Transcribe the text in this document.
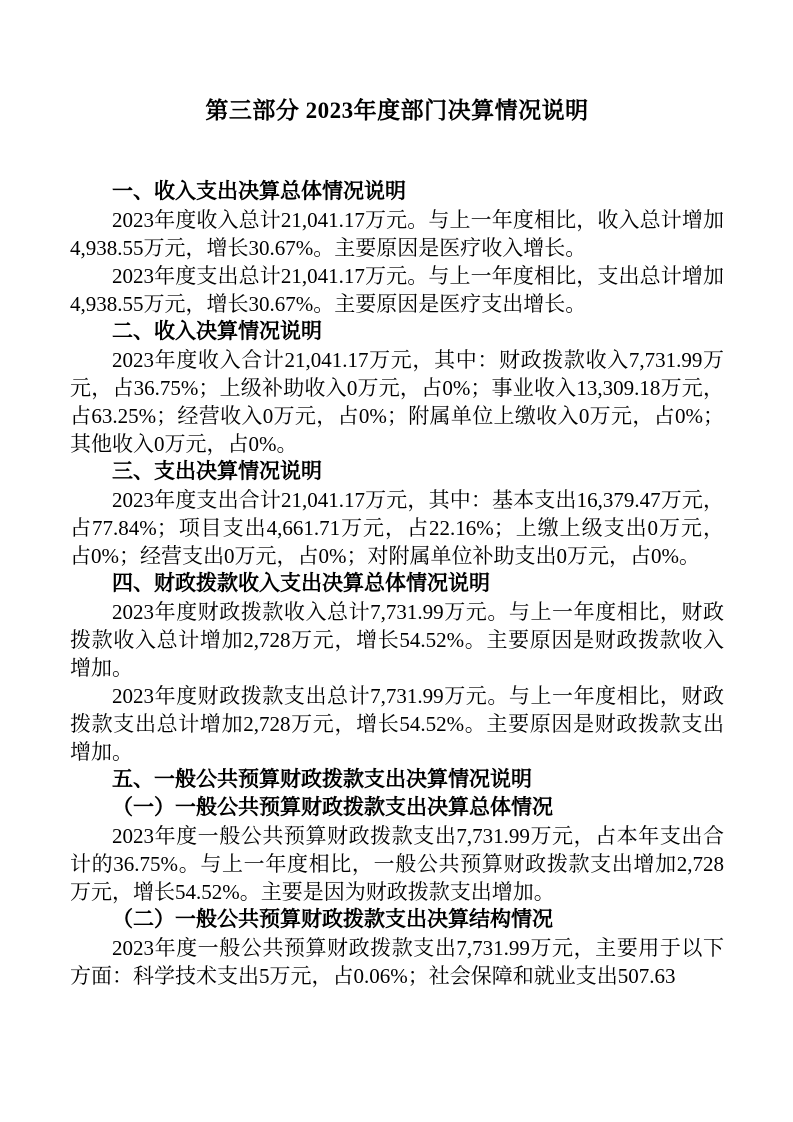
第三部分 2023年度部门决算情况说明
一、收入支出决算总体情况说明
2023年度收入总计21,041.17万元。与上一年度相比，收入总计增加4,938.55万元，增长30.67%。主要原因是医疗收入增长。
2023年度支出总计21,041.17万元。与上一年度相比，支出总计增加4,938.55万元，增长30.67%。主要原因是医疗支出增长。
二、收入决算情况说明
2023年度收入合计21,041.17万元，其中：财政拨款收入7,731.99万元，占36.75%；上级补助收入0万元，占0%；事业收入13,309.18万元，占63.25%；经营收入0万元，占0%；附属单位上缴收入0万元，占0%；其他收入0万元，占0%。
三、支出决算情况说明
2023年度支出合计21,041.17万元，其中：基本支出16,379.47万元，占77.84%；项目支出4,661.71万元，占22.16%；上缴上级支出0万元，占0%；经营支出0万元，占0%；对附属单位补助支出0万元，占0%。
四、财政拨款收入支出决算总体情况说明
2023年度财政拨款收入总计7,731.99万元。与上一年度相比，财政拨款收入总计增加2,728万元，增长54.52%。主要原因是财政拨款收入增加。
2023年度财政拨款支出总计7,731.99万元。与上一年度相比，财政拨款支出总计增加2,728万元，增长54.52%。主要原因是财政拨款支出增加。
五、一般公共预算财政拨款支出决算情况说明
（一）一般公共预算财政拨款支出决算总体情况
2023年度一般公共预算财政拨款支出7,731.99万元，占本年支出合计的36.75%。与上一年度相比，一般公共预算财政拨款支出增加2,728万元，增长54.52%。主要是因为财政拨款支出增加。
（二）一般公共预算财政拨款支出决算结构情况
2023年度一般公共预算财政拨款支出7,731.99万元，主要用于以下方面：科学技术支出5万元，占0.06%；社会保障和就业支出507.63
